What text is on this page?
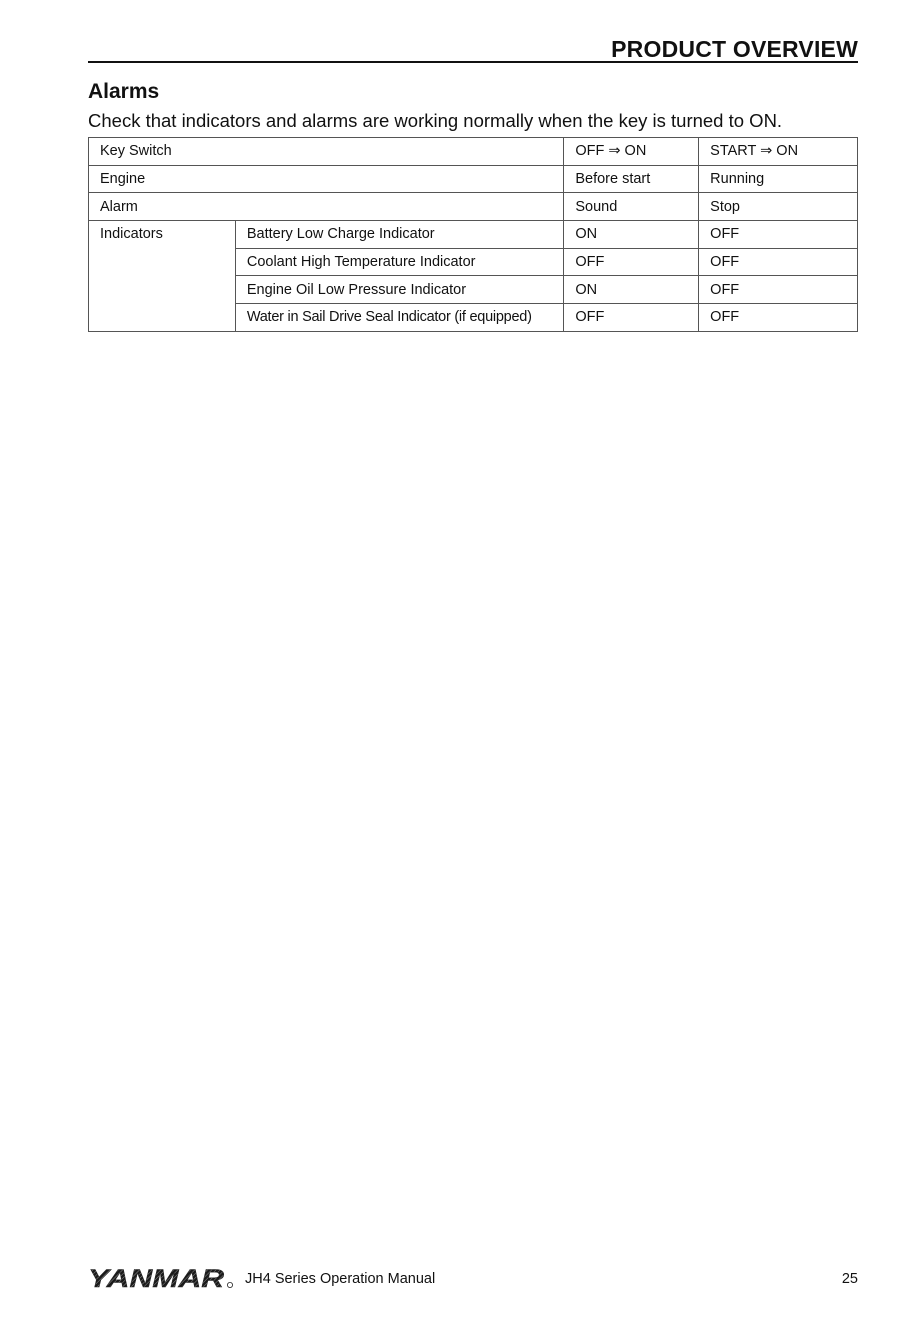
PRODUCT OVERVIEW
Alarms
Check that indicators and alarms are working normally when the key is turned to ON.
Key Switch		OFF ⇒ ON	START ⇒ ON
Engine		Before start	Running
Alarm		Sound	Stop
Indicators	Battery Low Charge Indicator	ON	OFF
	Coolant High Temperature Indicator	OFF	OFF
	Engine Oil Low Pressure Indicator	ON	OFF
	Water in Sail Drive Seal Indicator (if equipped)	OFF	OFF
YANMAR JH4 Series Operation Manual	25
